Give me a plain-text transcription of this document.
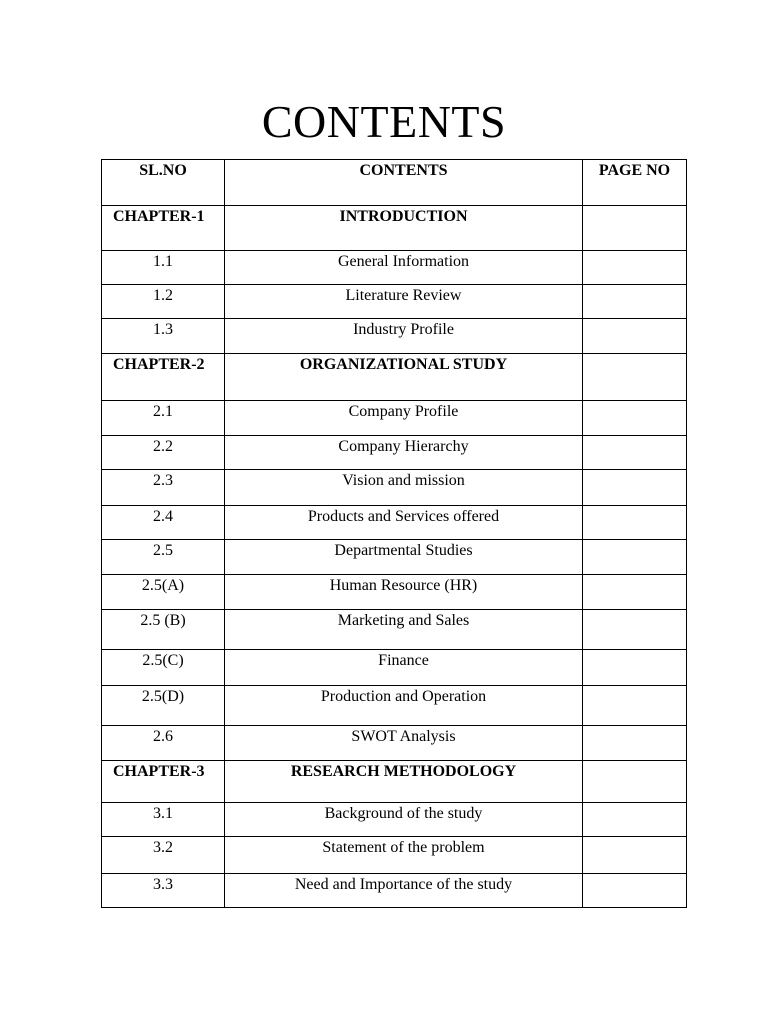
CONTENTS
SL.NO	CONTENTS	PAGE NO

CHAPTER-1	INTRODUCTION	

1.1	General Information	

1.2	Literature Review	

1.3	Industry Profile	

CHAPTER-2	ORGANIZATIONAL STUDY	

2.1	Company Profile	

2.2	Company Hierarchy	

2.3	Vision and mission	

2.4	Products and Services offered	

2.5	Departmental Studies	

2.5(A)	Human Resource (HR)	

2.5 (B)	Marketing and Sales	

2.5(C)	Finance	

2.5(D)	Production and Operation	

2.6	SWOT Analysis	

CHAPTER-3	RESEARCH METHODOLOGY	

3.1	Background of the study	

3.2	Statement of the problem	

3.3	Need and Importance of the study	
